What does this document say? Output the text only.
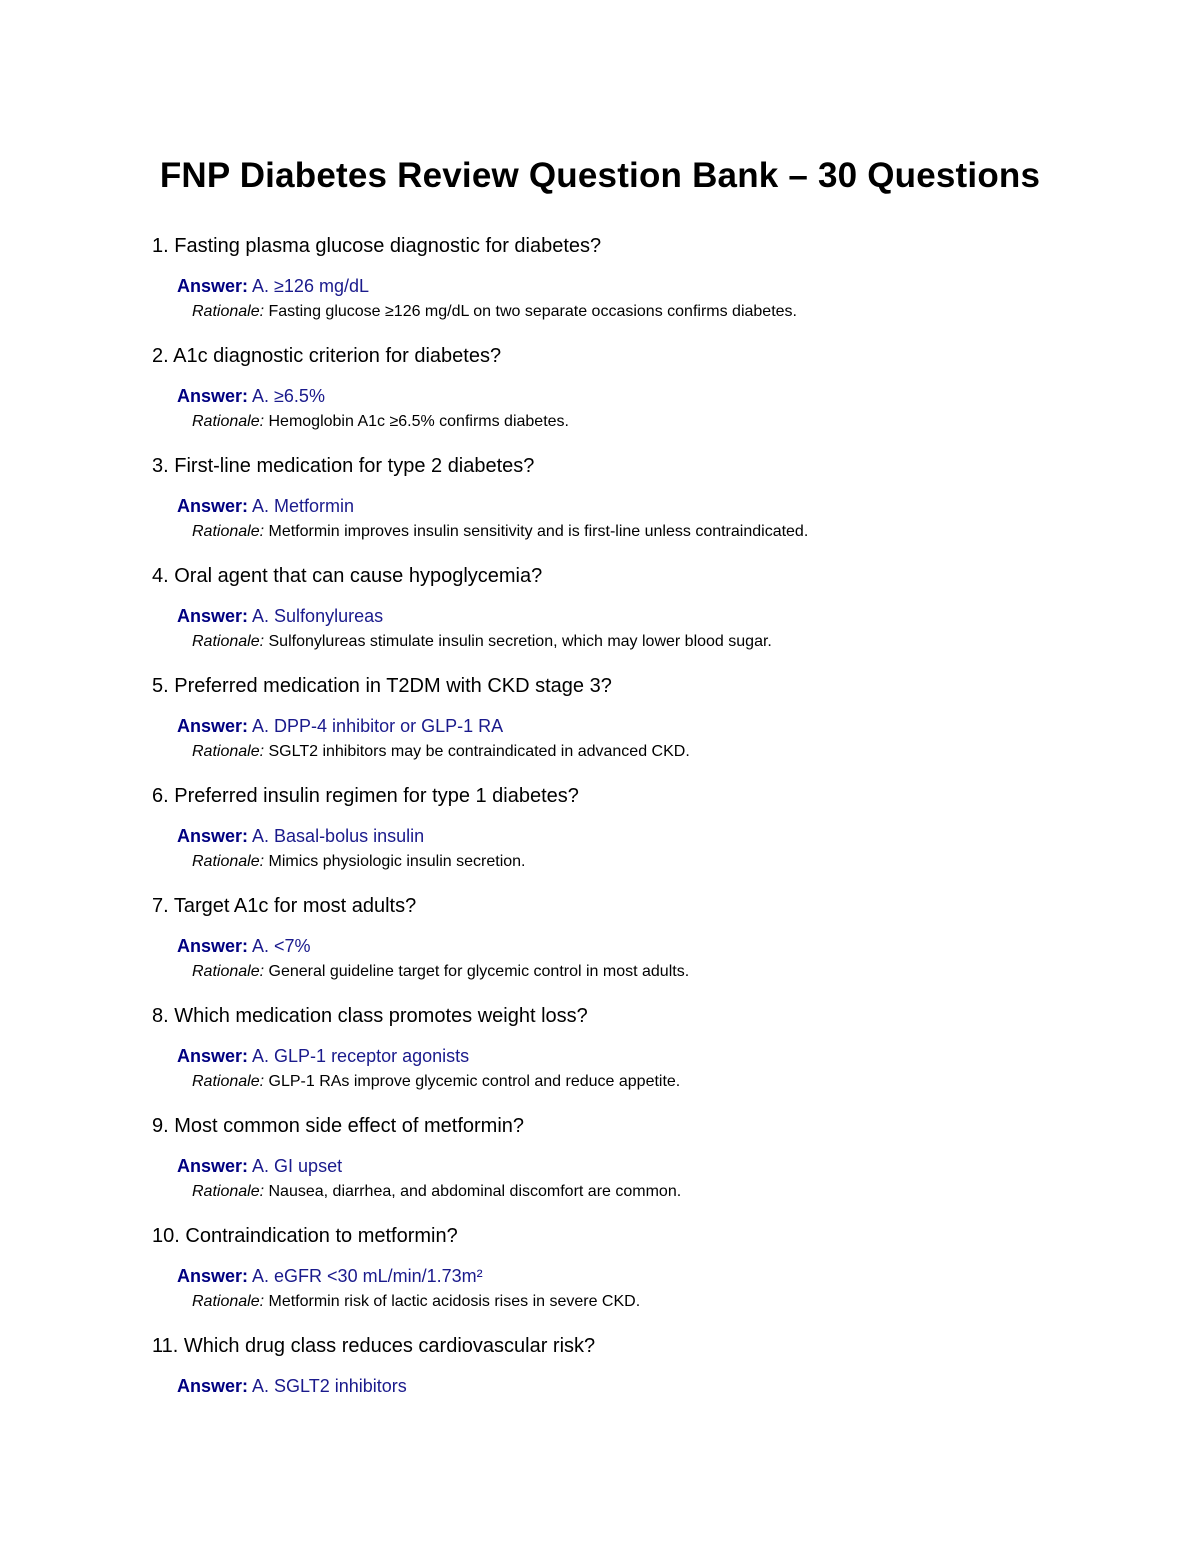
FNP Diabetes Review Question Bank – 30 Questions
1. Fasting plasma glucose diagnostic for diabetes?
Answer: A. ≥126 mg/dL
Rationale: Fasting glucose ≥126 mg/dL on two separate occasions confirms diabetes.
2. A1c diagnostic criterion for diabetes?
Answer: A. ≥6.5%
Rationale: Hemoglobin A1c ≥6.5% confirms diabetes.
3. First-line medication for type 2 diabetes?
Answer: A. Metformin
Rationale: Metformin improves insulin sensitivity and is first-line unless contraindicated.
4. Oral agent that can cause hypoglycemia?
Answer: A. Sulfonylureas
Rationale: Sulfonylureas stimulate insulin secretion, which may lower blood sugar.
5. Preferred medication in T2DM with CKD stage 3?
Answer: A. DPP-4 inhibitor or GLP-1 RA
Rationale: SGLT2 inhibitors may be contraindicated in advanced CKD.
6. Preferred insulin regimen for type 1 diabetes?
Answer: A. Basal-bolus insulin
Rationale: Mimics physiologic insulin secretion.
7. Target A1c for most adults?
Answer: A. <7%
Rationale: General guideline target for glycemic control in most adults.
8. Which medication class promotes weight loss?
Answer: A. GLP-1 receptor agonists
Rationale: GLP-1 RAs improve glycemic control and reduce appetite.
9. Most common side effect of metformin?
Answer: A. GI upset
Rationale: Nausea, diarrhea, and abdominal discomfort are common.
10. Contraindication to metformin?
Answer: A. eGFR <30 mL/min/1.73m²
Rationale: Metformin risk of lactic acidosis rises in severe CKD.
11. Which drug class reduces cardiovascular risk?
Answer: A. SGLT2 inhibitors
